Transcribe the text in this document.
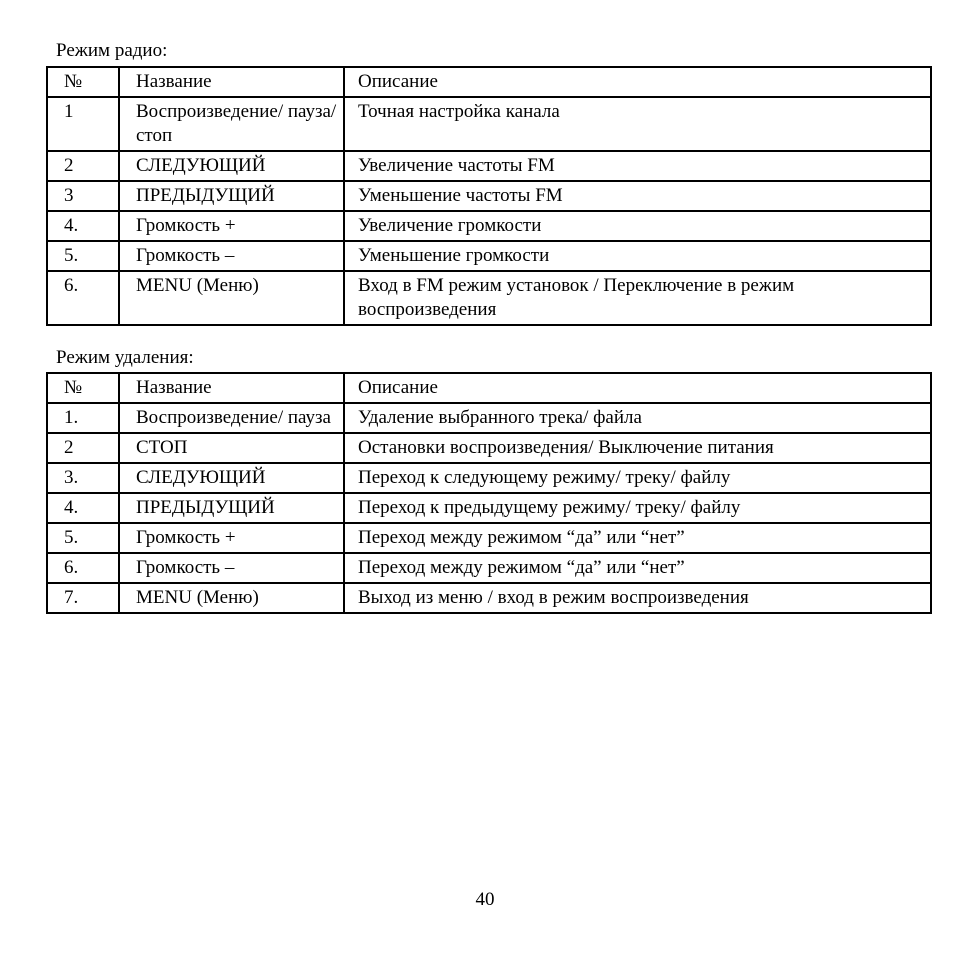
Режим радио:
№	Название	Описание
1	Воспроизведение/ пауза/ стоп	Точная настройка канала
2	СЛЕДУЮЩИЙ	Увеличение частоты FM
3	ПРЕДЫДУЩИЙ	Уменьшение частоты FM
4.	Громкость +	Увеличение громкости
5.	Громкость –	Уменьшение громкости
6.	MENU (Меню)	Вход в FM режим установок / Переключение в режим воспроизведения
Режим удаления:
№	Название	Описание
1.	Воспроизведение/ пауза	Удаление выбранного трека/ файла
2	СТОП	Остановки воспроизведения/ Выключение питания
3.	СЛЕДУЮЩИЙ	Переход к следующему режиму/ треку/ файлу
4.	ПРЕДЫДУЩИЙ	Переход к предыдущему режиму/ треку/ файлу
5.	Громкость +	Переход между режимом “да” или “нет”
6.	Громкость –	Переход между режимом “да” или “нет”
7.	MENU (Меню)	Выход из меню / вход в режим воспроизведения
40
